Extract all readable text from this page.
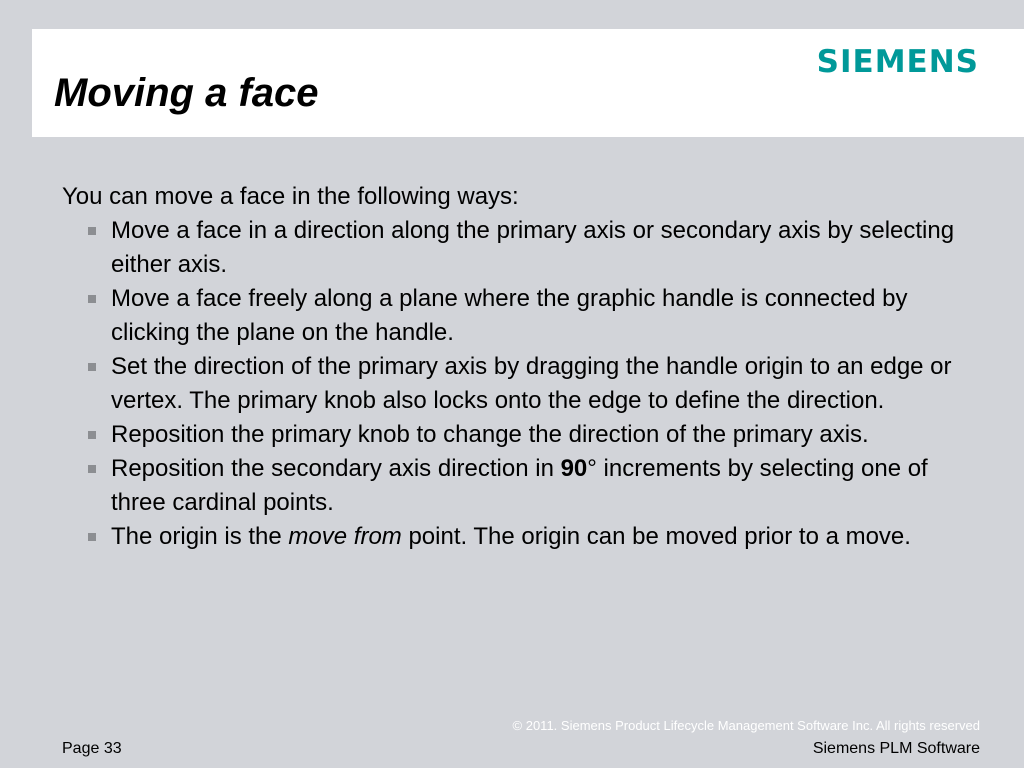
Moving a face
SIEMENS

You can move a face in the following ways:

Move a face in a direction along the primary axis or secondary axis by selecting either axis.
Move a face freely along a plane where the graphic handle is connected by clicking the plane on the handle.
Set the direction of the primary axis by dragging the handle origin to an edge or vertex. The primary knob also locks onto the edge to define the direction.
Reposition the primary knob to change the direction of the primary axis.
Reposition the secondary axis direction in 90° increments by selecting one of three cardinal points.
The origin is the move from point. The origin can be moved prior to a move.
© 2011. Siemens Product Lifecycle Management Software Inc. All rights reserved
Page 33	Siemens PLM Software
